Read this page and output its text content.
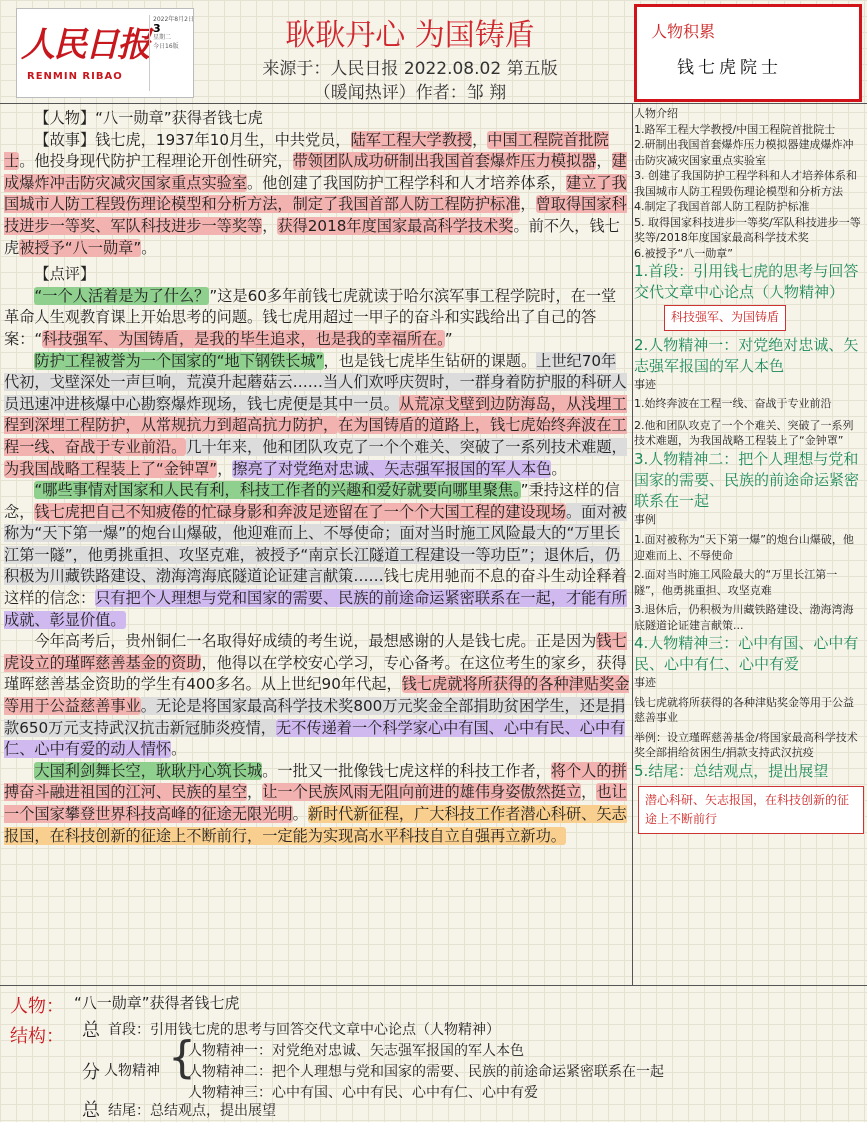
人民日报
RENMIN RIBAO
2022年8月2日
3
星期二
今日16版	耿耿丹心 为国铸盾
来源于：人民日报 2022.08.02 第五版
（暖闻热评）作者：邹 翔
人物积累
钱七虎院士

【人物】“八一勋章”获得者钱七虎

【故事】钱七虎，1937年10月生，中共党员，陆军工程大学教授，中国工程院首批院士。他投身现代防护工程理论开创性研究，带领团队成功研制出我国首套爆炸压力模拟器，建成爆炸冲击防灾减灾国家重点实验室。他创建了我国防护工程学科和人才培养体系，建立了我国城市人防工程毁伤理论模型和分析方法，制定了我国首部人防工程防护标准，曾取得国家科技进步一等奖、军队科技进步一等奖等，获得2018年度国家最高科学技术奖。前不久，钱七虎被授予“八一勋章”。

【点评】

“一个人活着是为了什么？”这是60多年前钱七虎就读于哈尔滨军事工程学院时，在一堂革命人生观教育课上开始思考的问题。钱七虎用超过一甲子的奋斗和实践给出了自己的答案：“科技强军、为国铸盾，是我的毕生追求，也是我的幸福所在。”

防护工程被誉为一个国家的“地下钢铁长城”，也是钱七虎毕生钻研的课题。上世纪70年代初，戈壁深处一声巨响，荒漠升起蘑菇云……当人们欢呼庆贺时，一群身着防护服的科研人员迅速冲进核爆中心勘察爆炸现场，钱七虎便是其中一员。从荒凉戈壁到边防海岛，从浅埋工程到深埋工程防护，从常规抗力到超高抗力防护，在为国铸盾的道路上，钱七虎始终奔波在工程一线、奋战于专业前沿。几十年来，他和团队攻克了一个个难关、突破了一系列技术难题，为我国战略工程装上了“金钟罩”，擦亮了对党绝对忠诚、矢志强军报国的军人本色。

“哪些事情对国家和人民有利，科技工作者的兴趣和爱好就要向哪里聚焦。”秉持这样的信念，钱七虎把自己不知疲倦的忙碌身影和奔波足迹留在了一个个大国工程的建设现场。面对被称为“天下第一爆”的炮台山爆破，他迎难而上、不辱使命；面对当时施工风险最大的“万里长江第一隧”，他勇挑重担、攻坚克难，被授予“南京长江隧道工程建设一等功臣”；退休后，仍积极为川藏铁路建设、渤海湾海底隧道论证建言献策……钱七虎用驰而不息的奋斗生动诠释着这样的信念：只有把个人理想与党和国家的需要、民族的前途命运紧密联系在一起，才能有所成就、彰显价值。

今年高考后，贵州铜仁一名取得好成绩的考生说，最想感谢的人是钱七虎。正是因为钱七虎设立的瑾晖慈善基金的资助，他得以在学校安心学习，专心备考。在这位考生的家乡，获得瑾晖慈善基金资助的学生有400多名。从上世纪90年代起，钱七虎就将所获得的各种津贴奖金等用于公益慈善事业。无论是将国家最高科学技术奖800万元奖金全部捐助贫困学生，还是捐款650万元支持武汉抗击新冠肺炎疫情，无不传递着一个科学家心中有国、心中有民、心中有仁、心中有爱的动人情怀。

大国利剑舞长空，耿耿丹心筑长城。一批又一批像钱七虎这样的科技工作者，将个人的拼搏奋斗融进祖国的江河、民族的星空，让一个民族风雨无阻向前进的雄伟身姿傲然挺立，也让一个国家攀登世界科技高峰的征途无限光明。新时代新征程，广大科技工作者潜心科研、矢志报国，在科技创新的征途上不断前行，一定能为实现高水平科技自立自强再立新功。

人物介绍
1.路军工程大学教授/中国工程院首批院士
2.研制出我国首套爆炸压力模拟器建成爆炸冲击防灾减灾国家重点实验室
3. 创建了我国防护工程学科和人才培养体系和我国城市人防工程毁伤理论模型和分析方法
4.制定了我国首部人防工程防护标准
5. 取得国家科技进步一等奖/军队科技进步一等奖等/2018年度国家最高科学技术奖
6.被授予“八一勋章”
1.首段：引用钱七虎的思考与回答交代文章中心论点（人物精神）
科技强军、为国铸盾
2.人物精神一：对党绝对忠诚、矢志强军报国的军人本色
事迹
1.始终奔波在工程一线、奋战于专业前沿
2.他和团队攻克了一个个难关、突破了一系列技术难题，为我国战略工程装上了“金钟罩”
3.人物精神二：把个人理想与党和国家的需要、民族的前途命运紧密联系在一起
事例
1.面对被称为“天下第一爆”的炮台山爆破，他迎难而上、不辱使命
2.面对当时施工风险最大的“万里长江第一隧”，他勇挑重担、攻坚克难
3.退休后，仍积极为川藏铁路建设、渤海湾海底隧道论证建言献策...
4.人物精神三：心中有国、心中有民、心中有仁、心中有爱
事迹
钱七虎就将所获得的各种津贴奖金等用于公益慈善事业
举例：设立瑾晖慈善基金/将国家最高科学技术奖全部捐给贫困生/捐款支持武汉抗疫
5.结尾：总结观点，提出展望
潜心科研、矢志报国，在科技创新的征途上不断前行
人物： “八一勋章”获得者钱七虎
结构： 总 首段：引用钱七虎的思考与回答交代文章中心论点（人物精神）
分 人物精神 {
人物精神一：对党绝对忠诚、矢志强军报国的军人本色
人物精神二：把个人理想与党和国家的需要、民族的前途命运紧密联系在一起
人物精神三：心中有国、心中有民、心中有仁、心中有爱
总 结尾：总结观点，提出展望
